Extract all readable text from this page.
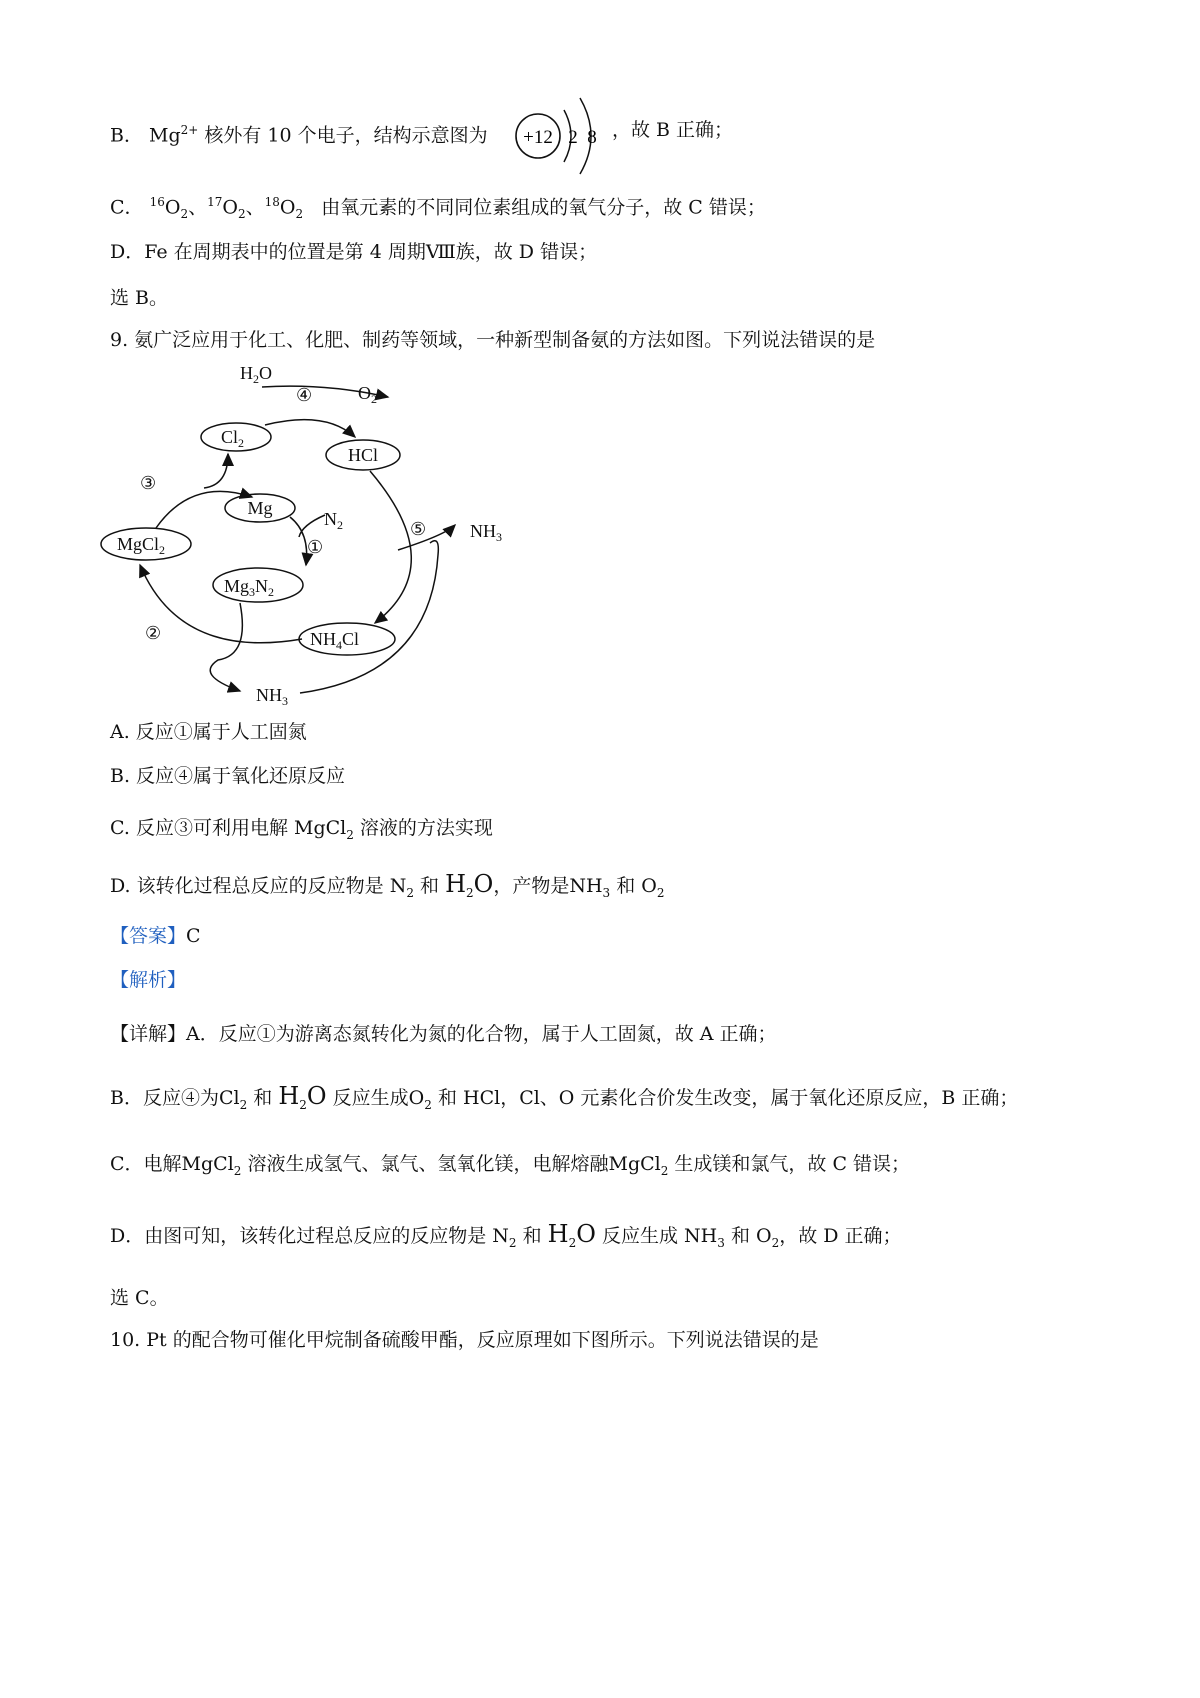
B． $Mg^{2+}$ 核外有 10 个电子，结构示意图为 +12 2 8 ，故 B 正确；
C． $^{16}O_2$、$^{17}O_2$、$^{18}O_2$ 由氧元素的不同同位素组成的氧气分子，故 C 错误；
D．Fe 在周期表中的位置是第 4 周期Ⅷ族，故 D 错误；
选 B。
9. 氨广泛应用于化工、化肥、制药等领域，一种新型制备氨的方法如图。下列说法错误的是
$H_2O$
$O_2$
$Cl_2$
HCl
Mg
$N_2$
MgCl$_2$
$Mg_3N_2$
$NH_4Cl$
$NH_3$
$NH_3$
④
③
①
⑤
②
A. 反应①属于人工固氮
B. 反应④属于氧化还原反应
C. 反应③可利用电解 MgCl$_2$ 溶液的方法实现
D. 该转化过程总反应的反应物是 $N_2$ 和 $H_2O$，产物是$NH_3$ 和 $O_2$
【答案】C
【解析】
【详解】A．反应①为游离态氮转化为氮的化合物，属于人工固氮，故 A 正确；
B．反应④为$Cl_2$ 和 $H_2O$ 反应生成$O_2$ 和 HCl，Cl、O 元素化合价发生改变，属于氧化还原反应，B 正确；
C．电解MgCl$_2$ 溶液生成氢气、氯气、氢氧化镁，电解熔融MgCl$_2$ 生成镁和氯气，故 C 错误；
D．由图可知，该转化过程总反应的反应物是 $N_2$ 和 $H_2O$ 反应生成 $NH_3$ 和 $O_2$，故 D 正确；
选 C。
10. Pt 的配合物可催化甲烷制备硫酸甲酯，反应原理如下图所示。下列说法错误的是
